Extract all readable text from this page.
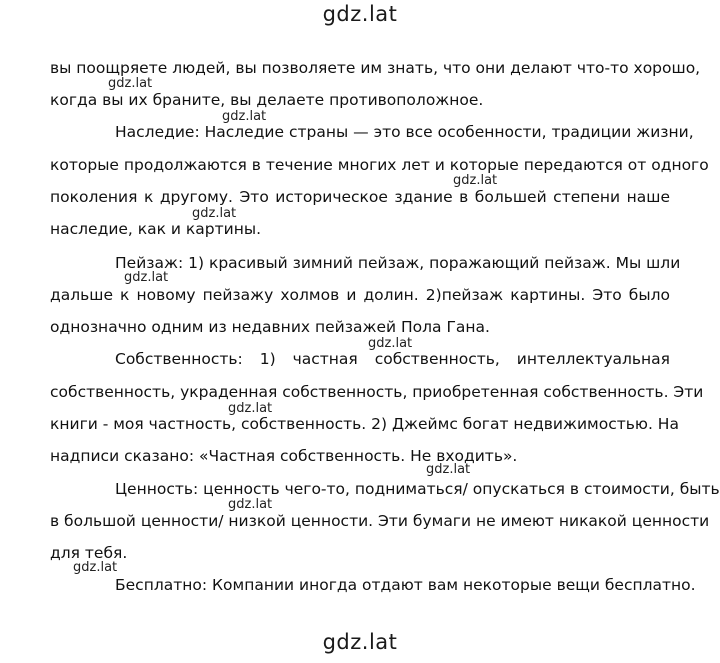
gdz.lat
вы поощряете людей, вы позволяете им знать, что они делают что-то хорошо,
когда вы их браните, вы делаете противоположное.
Наследие: Наследие страны — это все особенности, традиции жизни,
которые продолжаются в течение многих лет и которые передаются от одного
поколения к другому. Это историческое здание в большей степени наше
наследие, как и картины.
Пейзаж: 1) красивый зимний пейзаж, поражающий пейзаж. Мы шли
дальше к новому пейзажу холмов и долин. 2)пейзаж картины. Это было
однозначно одним из недавних пейзажей Пола Гана.
Собственность: 1) частная собственность, интеллектуальная
собственность, украденная собственность, приобретенная собственность. Эти
книги - моя частность, собственность. 2) Джеймс богат недвижимостью. На
надписи сказано: «Частная собственность. Не входить».
Ценность: ценность чего-то, подниматься/ опускаться в стоимости, быть
в большой ценности/ низкой ценности. Эти бумаги не имеют никакой ценности
для тебя.
Бесплатно: Компании иногда отдают вам некоторые вещи бесплатно.
gdz.lat
gdz.lat
gdz.lat
gdz.lat
gdz.lat
gdz.lat
gdz.lat
gdz.lat
gdz.lat
gdz.lat
gdz.lat
